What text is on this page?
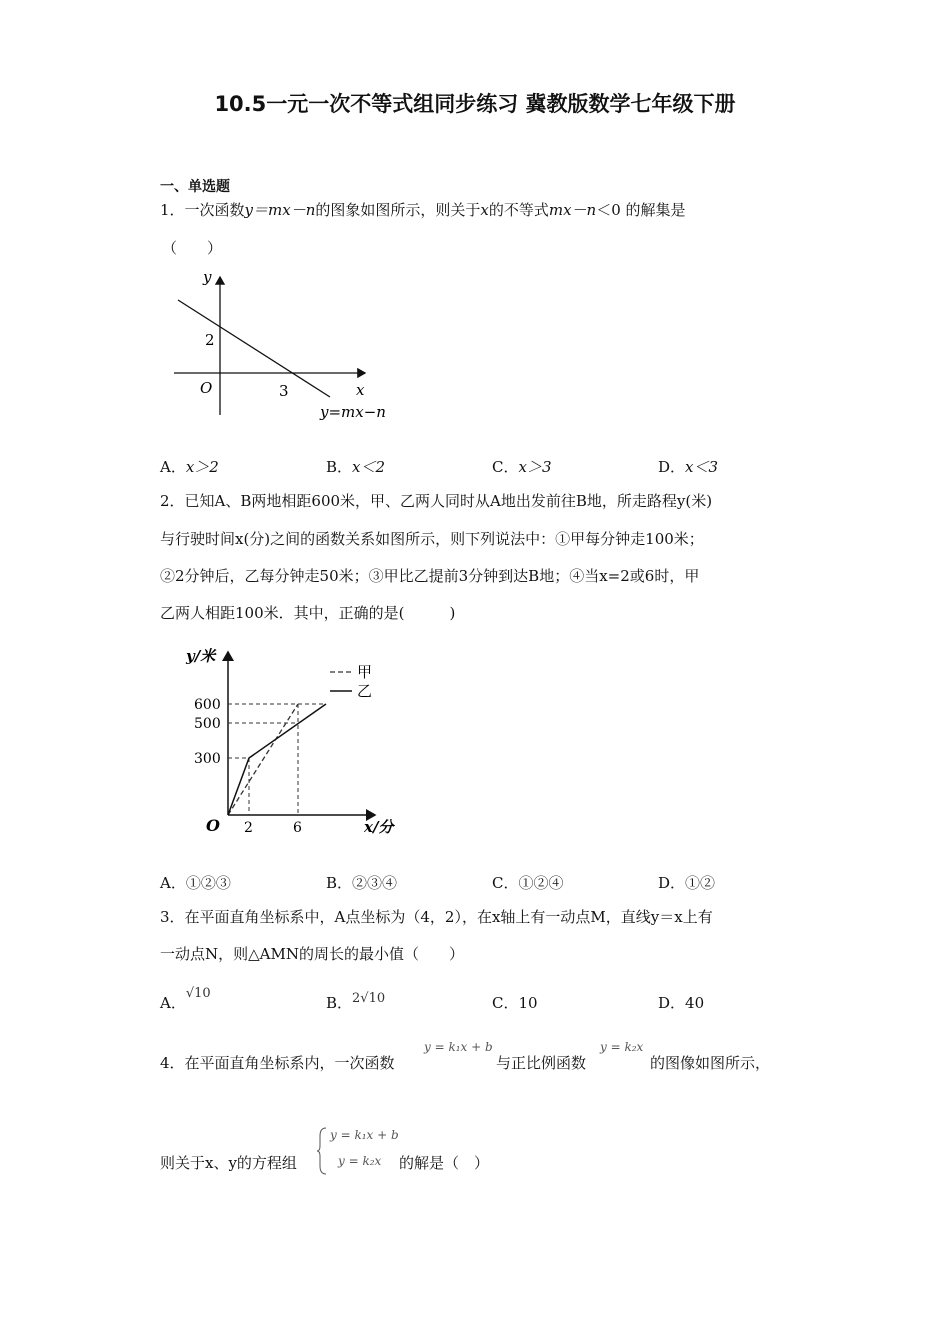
10.5一元一次不等式组同步练习 冀教版数学七年级下册
一、单选题
1．一次函数y＝mx－n的图象如图所示，则关于x的不等式mx－n＜0 的解集是
（　　）
y
x
O
2
3
y=mx−n
A．x＞2	B．x＜2	C．x＞3	D．x＜3
2．已知A、B两地相距600米，甲、乙两人同时从A地出发前往B地，所走路程y(米)
与行驶时间x(分)之间的函数关系如图所示，则下列说法中：①甲每分钟走100米；
②2分钟后，乙每分钟走50米；③甲比乙提前3分钟到达B地；④当x=2或6时，甲
乙两人相距100米．其中，正确的是(　　　)
甲
乙
y/米
x/分
O
600
500
300
2	6
A．①②③	B．②③④	C．①②④	D．①②
3．在平面直角坐标系中，A点坐标为（4，2），在x轴上有一动点M，直线y＝x上有
一动点N，则△AMN的周长的最小值（　　）
A．√10
B．2√10	C．10	D．40
4．在平面直角坐标系内，一次函数
y = k₁x + b
与正比例函数
y = k₂x
的图像如图所示，
则关于x、y的方程组
y = k₁x + b
y = k₂x 的解是（　）
